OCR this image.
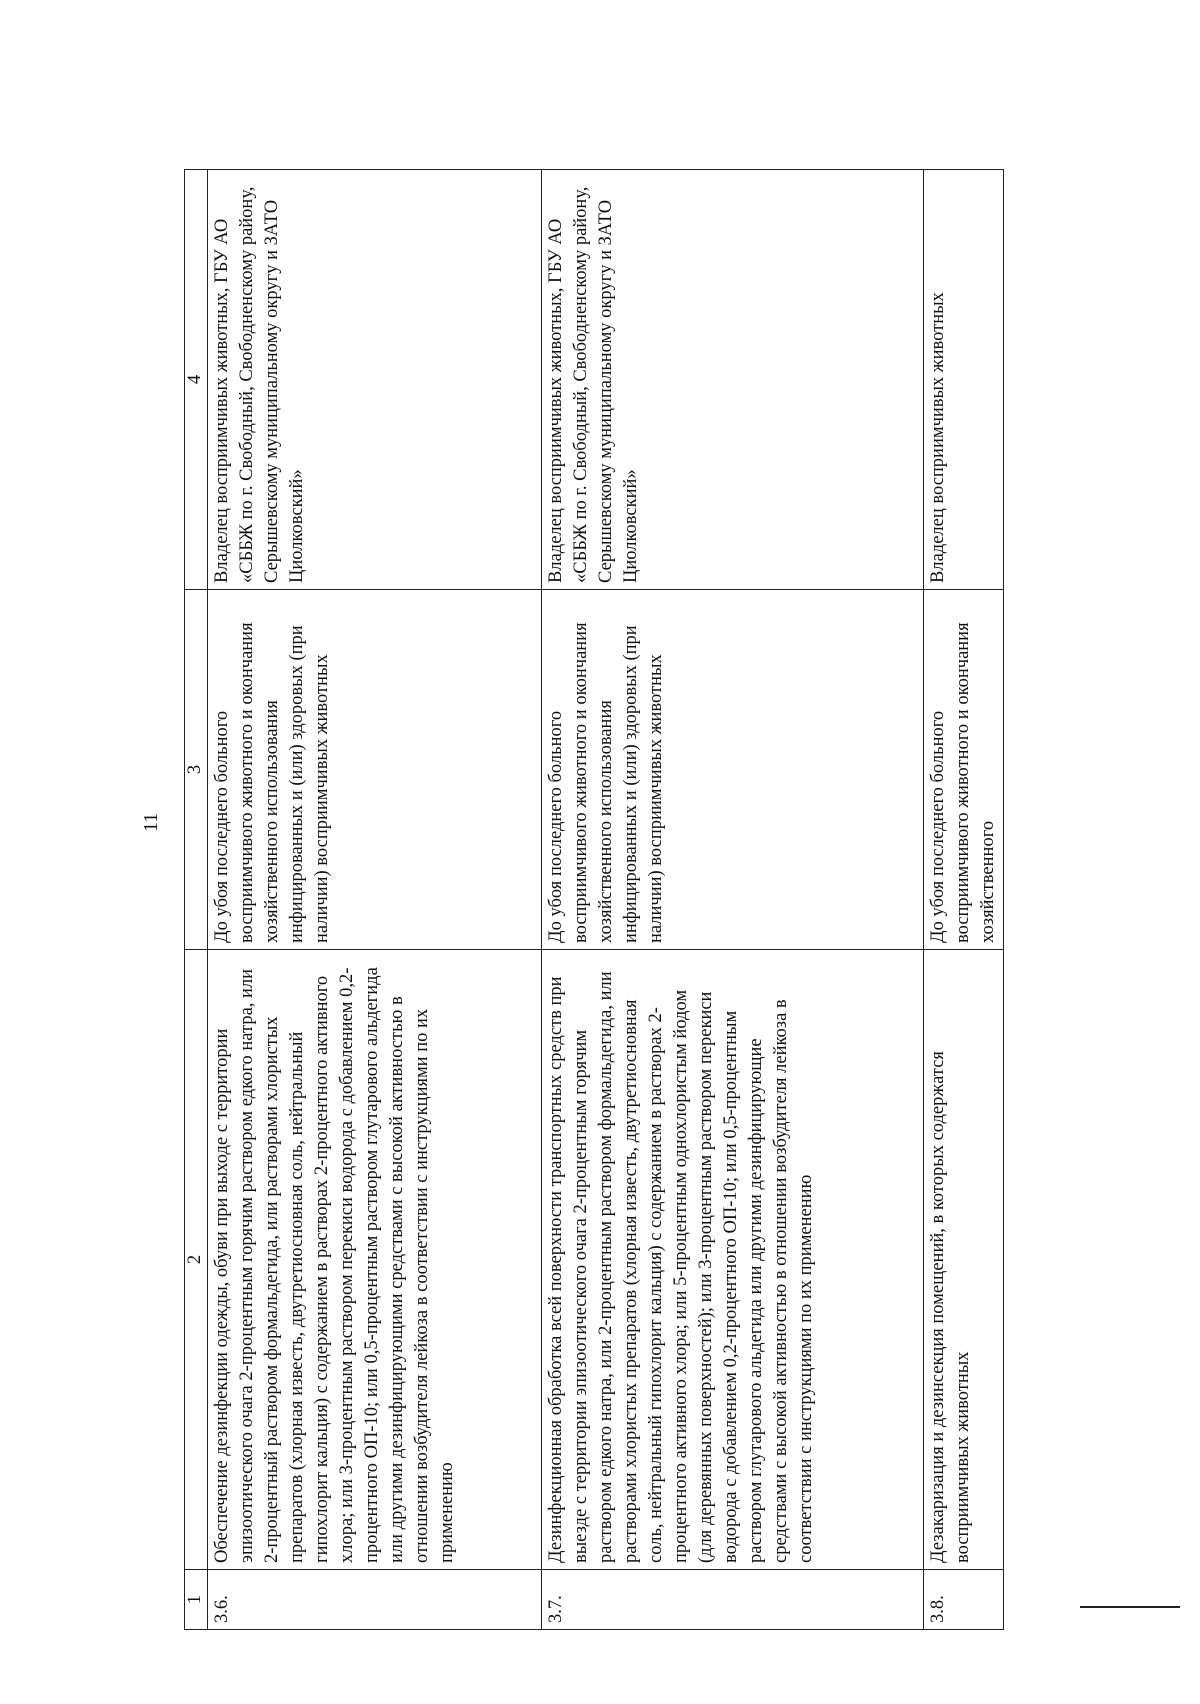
11
1	2	3	4
3.6.	Обеспечение дезинфекции одежды, обуви при выходе с территории эпизоотического очага 2-процентным горячим раствором едкого натра, или 2-процентный раствором формальдегида, или растворами хлористых препаратов (хлорная известь, двутретиосновная соль, нейтральный гипохлорит кальция) с содержанием в растворах 2-процентного активного хлора; или 3-процентным раствором перекиси водорода с добавлением 0,2-процентного ОП-10; или 0,5-процентным раствором глутарового альдегида или другими дезинфицирующими средствами с высокой активностью в отношении возбудителя лейкоза в соответствии с инструкциями по их применению	До убоя последнего больного восприимчивого животного и окончания хозяйственного использования инфицированных и (или) здоровых (при наличии) восприимчивых животных	Владелец восприимчивых животных, ГБУ АО «СББЖ по г. Свободный, Свободненскому району, Серышевскому муниципальному округу и ЗАТО Циолковский»
3.7.	Дезинфекционная обработка всей поверхности транспортных средств при выезде с территории эпизоотического очага 2-процентным горячим раствором едкого натра, или 2-процентным раствором формальдегида, или растворами хлористых препаратов (хлорная известь, двутретиосновная соль, нейтральный гипохлорит кальция) с содержанием в растворах 2-процентного активного хлора; или 5-процентным однохлористым йодом (для деревянных поверхностей); или 3-процентным раствором перекиси водорода с добавлением 0,2-процентного ОП-10; или 0,5-процентным раствором глутарового альдегида или другими дезинфицирующие средствами с высокой активностью в отношении возбудителя лейкоза в соответствии с инструкциями по их применению	До убоя последнего больного восприимчивого животного и окончания хозяйственного использования инфицированных и (или) здоровых (при наличии) восприимчивых животных	Владелец восприимчивых животных, ГБУ АО «СББЖ по г. Свободный, Свободненскому району, Серышевскому муниципальному округу и ЗАТО Циолковский»
3.8.	Дезакаризация и дезинсекция помещений, в которых содержатся восприимчивых животных	До убоя последнего больного восприимчивого животного и окончания хозяйственного	Владелец восприимчивых животных
